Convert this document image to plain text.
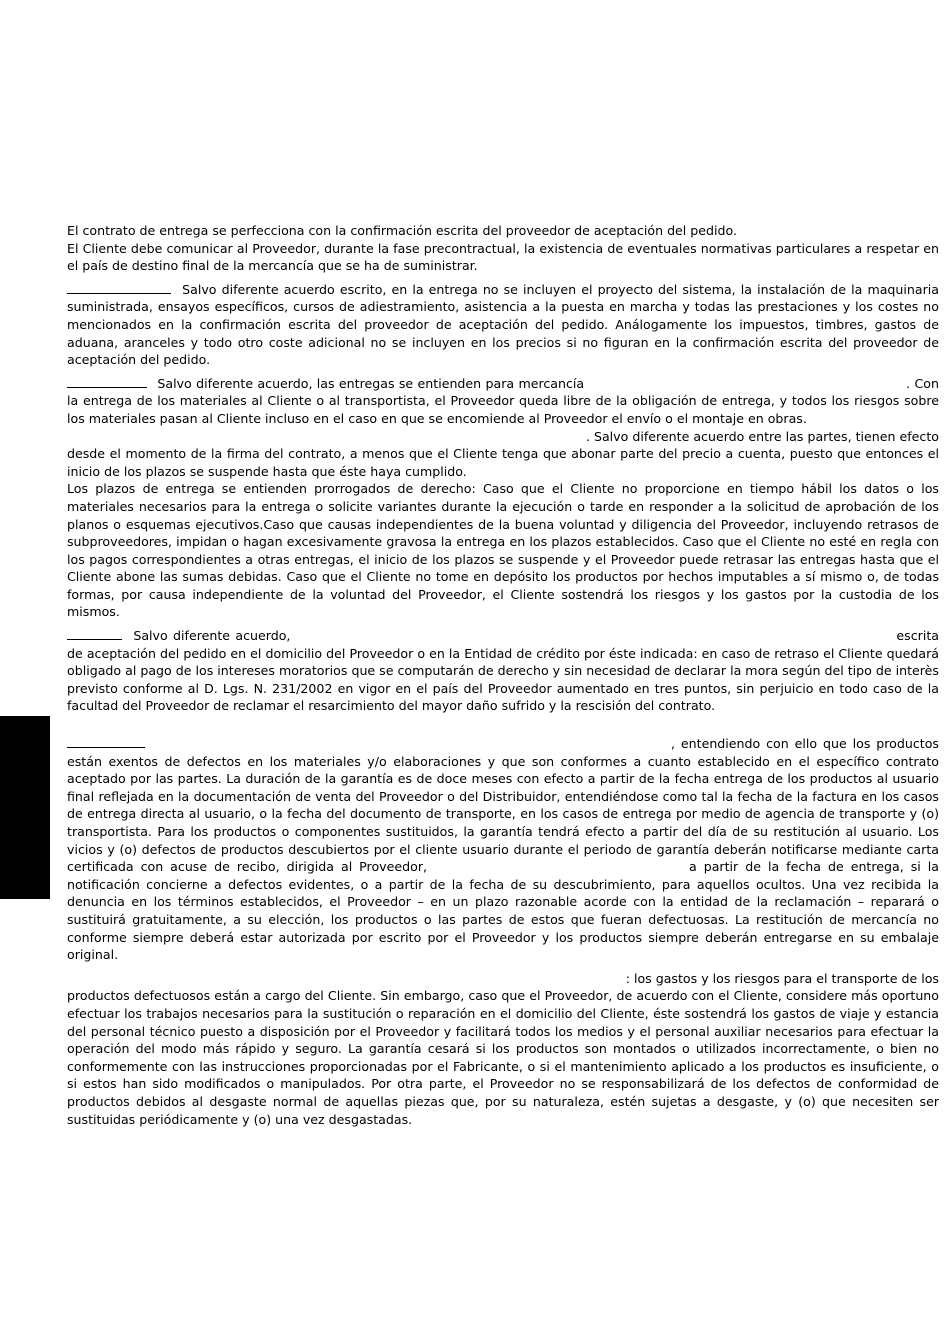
El contrato de entrega se perfecciona con la confirmación escrita del proveedor de aceptación del pedido.

El Cliente debe comunicar al Proveedor, durante la fase precontractual, la existencia de eventuales normativas particulares a respetar en el país de destino final de la mercancía que se ha de suministrar.

Salvo diferente acuerdo escrito, en la entrega no se incluyen el proyecto del sistema, la instalación de la maquinaria suministrada, ensayos específicos, cursos de adiestramiento, asistencia a la puesta en marcha y todas las prestaciones y los costes no mencionados en la confirmación escrita del proveedor de aceptación del pedido. Análogamente los impuestos, timbres, gastos de aduana, aranceles y todo otro coste adicional no se incluyen en los precios si no figuran en la confirmación escrita del proveedor de aceptación del pedido.

Salvo diferente acuerdo, las entregas se entienden para mercancía	. Con la entrega de los materiales al Cliente o al transportista, el Proveedor queda libre de la obligación de entrega, y todos los riesgos sobre los materiales pasan al Cliente incluso en el caso en que se encomiende al Proveedor el envío o el montaje en obras.

. Salvo diferente acuerdo entre las partes, tienen efecto

desde el momento de la firma del contrato, a menos que el Cliente tenga que abonar parte del precio a cuenta, puesto que entonces el inicio de los plazos se suspende hasta que éste haya cumplido.

Los plazos de entrega se entienden prorrogados de derecho: Caso que el Cliente no proporcione en tiempo hábil los datos o los materiales necesarios para la entrega o solicite variantes durante la ejecución o tarde en responder a la solicitud de aprobación de los planos o esquemas ejecutivos.Caso que causas independientes de la buena voluntad y diligencia del Proveedor, incluyendo retrasos de subproveedores, impidan o hagan excesivamente gravosa la entrega en los plazos establecidos. Caso que el Cliente no esté en regla con los pagos correspondientes a otras entregas, el inicio de los plazos se suspende y el Proveedor puede retrasar las entregas hasta que el Cliente abone las sumas debidas. Caso que el Cliente no tome en depósito los productos por hechos imputables a sí mismo o, de todas formas, por causa independiente de la voluntad del Proveedor, el Cliente sostendrá los riesgos y los gastos por la custodia de los mismos.

Salvo diferente acuerdo,	escrita de aceptación del pedido en el domicilio del Proveedor o en la Entidad de crédito por éste indicada: en caso de retraso el Cliente quedará obligado al pago de los intereses moratorios que se computarán de derecho y sin necesidad de declarar la mora según del tipo de interès previsto conforme al D. Lgs. N. 231/2002 en vigor en el país del Proveedor aumentado en tres puntos, sin perjuicio en todo caso de la facultad del Proveedor de reclamar el resarcimiento del mayor daño sufrido y la rescisión del contrato.

, entendiendo con ello que los productos están exentos de defectos en los materiales y/o elaboraciones y que son conformes a cuanto establecido en el específico contrato aceptado por las partes. La duración de la garantía es de doce meses con efecto a partir de la fecha entrega de los productos al usuario final reflejada en la documentación de venta del Proveedor o del Distribuidor, entendiéndose como tal la fecha de la factura en los casos de entrega directa al usuario, o la fecha del documento de transporte, en los casos de entrega por medio de agencia de transporte y (o) transportista. Para los productos o componentes sustituidos, la garantía tendrá efecto a partir del día de su restitución al usuario. Los vicios y (o) defectos de productos descubiertos por el cliente usuario durante el periodo de garantía deberán notificarse mediante carta certificada con acuse de recibo, dirigida al Proveedor,	a partir de la fecha de entrega, si la notificación concierne a defectos evidentes, o a partir de la fecha de su descubrimiento, para aquellos ocultos. Una vez recibida la denuncia en los términos establecidos, el Proveedor – en un plazo razonable acorde con la entidad de la reclamación – reparará o sustituirá gratuitamente, a su elección, los productos o las partes de estos que fueran defectuosas. La restitución de mercancía no conforme siempre deberá estar autorizada por escrito por el Proveedor y los productos siempre deberán entregarse en su embalaje original.

: los gastos y los riesgos para el transporte de los

productos defectuosos están a cargo del Cliente. Sin embargo, caso que el Proveedor, de acuerdo con el Cliente, considere más oportuno efectuar los trabajos necesarios para la sustitución o reparación en el domicilio del Cliente, éste sostendrá los gastos de viaje y estancia del personal técnico puesto a disposición por el Proveedor y facilitará todos los medios y el personal auxiliar necesarios para efectuar la operación del modo más rápido y seguro. La garantía cesará si los productos son montados o utilizados incorrectamente, o bien no conformemente con las instrucciones proporcionadas por el Fabricante, o si el mantenimiento aplicado a los productos es insuficiente, o si estos han sido modificados o manipulados. Por otra parte, el Proveedor no se responsabilizará de los defectos de conformidad de productos debidos al desgaste normal de aquellas piezas que, por su naturaleza, estén sujetas a desgaste, y (o) que necesiten ser sustituidas periódicamente y (o) una vez desgastadas.
